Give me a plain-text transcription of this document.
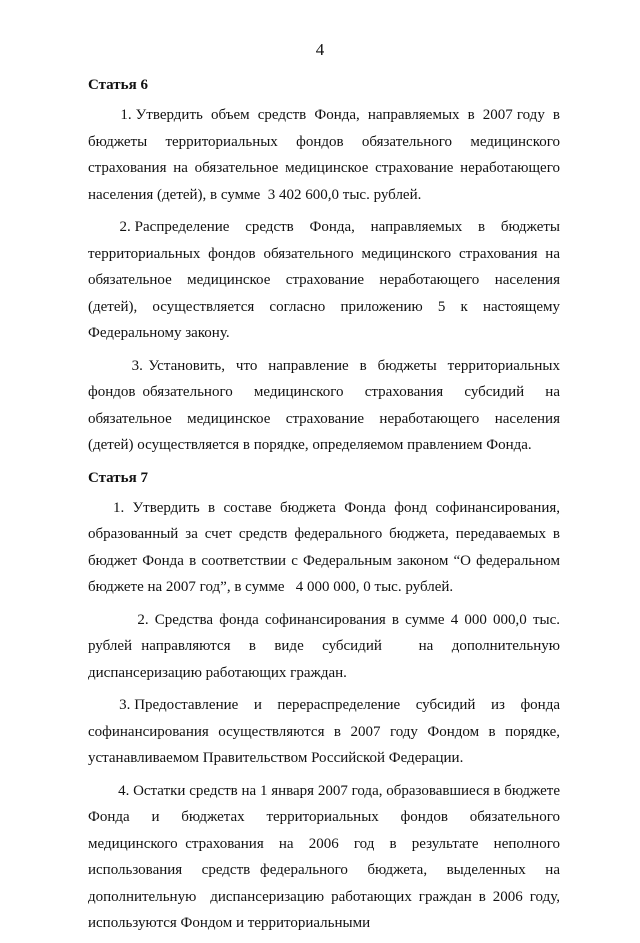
4
Статья 6

1. Утвердить  объем  средств  Фонда,  направляемых  в  2007 году  в бюджеты территориальных фондов обязательного медицинского страхования на обязательное медицинское страхование неработающего населения (детей), в сумме  3 402 600,0 тыс. рублей.

2. Распределение    средств    Фонда,    направляемых    в    бюджеты территориальных  фондов  обязательного  медицинского  страхования  на обязательное медицинское страхование неработающего населения (детей), осуществляется согласно приложению 5 к настоящему Федеральному закону.

3. Установить,  что  направление  в  бюджеты  территориальных  фондов обязательного   медицинского   страхования   субсидий   на   обязательное медицинское страхование неработающего населения (детей) осуществляется в порядке, определяемом правлением Фонда.

Статья 7

1.  Утвердить  в  составе  бюджета  Фонда  фонд  софинансирования, образованный за счет средств федерального бюджета, передаваемых в бюджет Фонда в соответствии с Федеральным законом “О федеральном бюджете на 2007 год”, в сумме   4 000 000, 0 тыс. рублей.

2. Средства фонда софинансирования в сумме 4 000 000,0 тыс. рублей направляются  в  виде  субсидий    на  дополнительную  диспансеризацию работающих граждан.

3. Предоставление    и    перераспределение    субсидий    из    фонда софинансирования  осуществляются  в  2007  году  Фондом  в  порядке, устанавливаемом Правительством Российской Федерации.

4. Остатки средств на 1 января 2007 года, образовавшиеся в бюджете Фонда  и  бюджетах  территориальных  фондов  обязательного  медицинского страхования  на  2006  год  в  результате  неполного  использования  средств федерального  бюджета,  выделенных  на  дополнительную  диспансеризацию работающих граждан в 2006 году, используются Фондом и территориальными
